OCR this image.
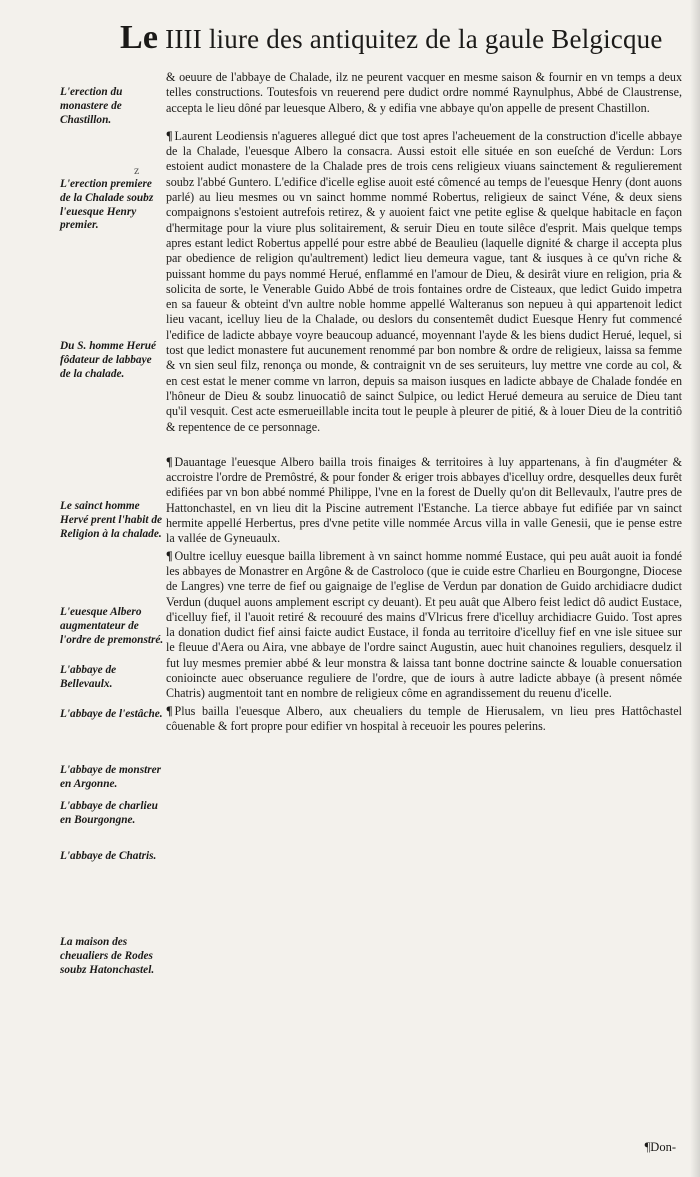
Le IIII liure des antiquitez de la gaule Belgicque
z

& oeuure de l'abbaye de Chalade, ilz ne peurent vacquer en mesme saison & fournir en vn temps a deux telles constructions. Toutesfois vn reuerend pere dudict ordre nommé Raynulphus, Abbé de Claustrense, accepta le lieu dôné par leuesque Albero, & y edifia vne abbaye qu'on appelle de present Chastillon.

¶ Laurent Leodiensis n'agueres allegué dict que tost apres l'acheuement de la construction d'icelle abbaye de la Chalade, l'euesque Albero la consacra. Aussi estoit elle située en son eueſché de Verdun: Lors estoient audict monastere de la Chalade pres de trois cens religieux viuans sainctement & regulierement soubz l'abbé Guntero. L'edifice d'icelle eglise auoit esté cômencé au temps de l'euesque Henry (dont auons parlé) au lieu mesmes ou vn sainct homme nommé Robertus, religieux de sainct Véne, & deux siens compaignons s'estoient autrefois retirez, & y auoient faict vne petite eglise & quelque habitacle en façon d'hermitage pour la viure plus solitairement, & seruir Dieu en toute silêce d'esprit. Mais quelque temps apres estant ledict Robertus appellé pour estre abbé de Beaulieu (laquelle dignité & charge il accepta plus par obedience de religion qu'aultrement) ledict lieu demeura vague, tant & iusques à ce qu'vn riche & puissant homme du pays nommé Herué, enflammé en l'amour de Dieu, & desirât viure en religion, pria & solicita de sorte, le Venerable Guido Abbé de trois fontaines ordre de Cisteaux, que ledict Guido impetra en sa faueur & obteint d'vn aultre noble homme appellé Walteranus son nepueu à qui appartenoit ledict lieu vacant, icelluy lieu de la Chalade, ou deslors du consentemêt dudict Euesque Henry fut commencé l'edifice de ladicte abbaye voyre beaucoup aduancé, moyennant l'ayde & les biens dudict Herué, lequel, si tost que ledict monastere fut aucunement renommé par bon nombre & ordre de religieux, laissa sa femme & vn sien seul filz, renonça ou monde, & contraignit vn de ses seruiteurs, luy mettre vne corde au col, & en cest estat le mener comme vn larron, depuis sa maison iusques en ladicte abbaye de Chalade fondée en l'hôneur de Dieu & soubz linuocatiô de sainct Sulpice, ou ledict Herué demeura au seruice de Dieu tant qu'il vesquit. Cest acte esmerueillable incita tout le peuple à pleurer de pitié, & à louer Dieu de la contritiô & repentence de ce personnage.

¶ Dauantage l'euesque Albero bailla trois finaiges & territoires à luy appartenans, à fin d'augméter & accroistre l'ordre de Premôstré, & pour fonder & eriger trois abbayes d'icelluy ordre, desquelles deux furêt edifiées par vn bon abbé nommé Philippe, l'vne en la forest de Duelly qu'on dit Bellevaulx, l'autre pres de Hattonchastel, en vn lieu dit la Piscine autrement l'Estanche. La tierce abbaye fut edifiée par vn sainct hermite appellé Herbertus, pres d'vne petite ville nommée Arcus villa in valle Genesii, que ie pense estre la vallée de Gyneuaulx.

¶ Oultre icelluy euesque bailla librement à vn sainct homme nommé Eustace, qui peu auât auoit ia fondé les abbayes de Monastrer en Argône & de Castroloco (que ie cuide estre Charlieu en Bourgongne, Diocese de Langres) vne terre de fief ou gaignaige de l'eglise de Verdun par donation de Guido archidiacre dudict Verdun (duquel auons amplement escript cy deuant). Et peu auât que Albero feist ledict dô audict Eustace, d'icelluy fief, il l'auoit retiré & recouuré des mains d'Vlricus frere d'icelluy archidiacre Guido. Tost apres la donation dudict fief ainsi faicte audict Eustace, il fonda au territoire d'icelluy fief en vne isle situee sur le fleuue d'Aera ou Aira, vne abbaye de l'ordre sainct Augustin, auec huit chanoines reguliers, desquelz il fut luy mesmes premier abbé & leur monstra & laissa tant bonne doctrine saincte & louable conuersation conioincte auec obseruance reguliere de l'ordre, que de iours à autre ladicte abbaye (à present nômée Chatris) augmentoit tant en nombre de religieux côme en agrandissement du reuenu d'icelle.

¶ Plus bailla l'euesque Albero, aux cheualiers du temple de Hierusalem, vn lieu pres Hattôchastel côuenable & fort propre pour edifier vn hospital à receuoir les poures pelerins.

L'erection du monastere de Chastillon.
L'erection premiere de la Chalade soubz l'euesque Henry premier.
Du S. homme Herué fôdateur de labbaye de la chalade.
Le sainct homme Hervé prent l'habit de Religion à la chalade.
L'euesque Albero augmentateur de l'ordre de premonstré.
L'abbaye de Bellevaulx.
L'abbaye de l'estâche.
L'abbaye de monstrer en Argonne.
L'abbaye de charlieu en Bourgongne.
L'abbaye de Chatris.
La maison des cheualiers de Rodes soubz Hatonchastel.
¶Don-
